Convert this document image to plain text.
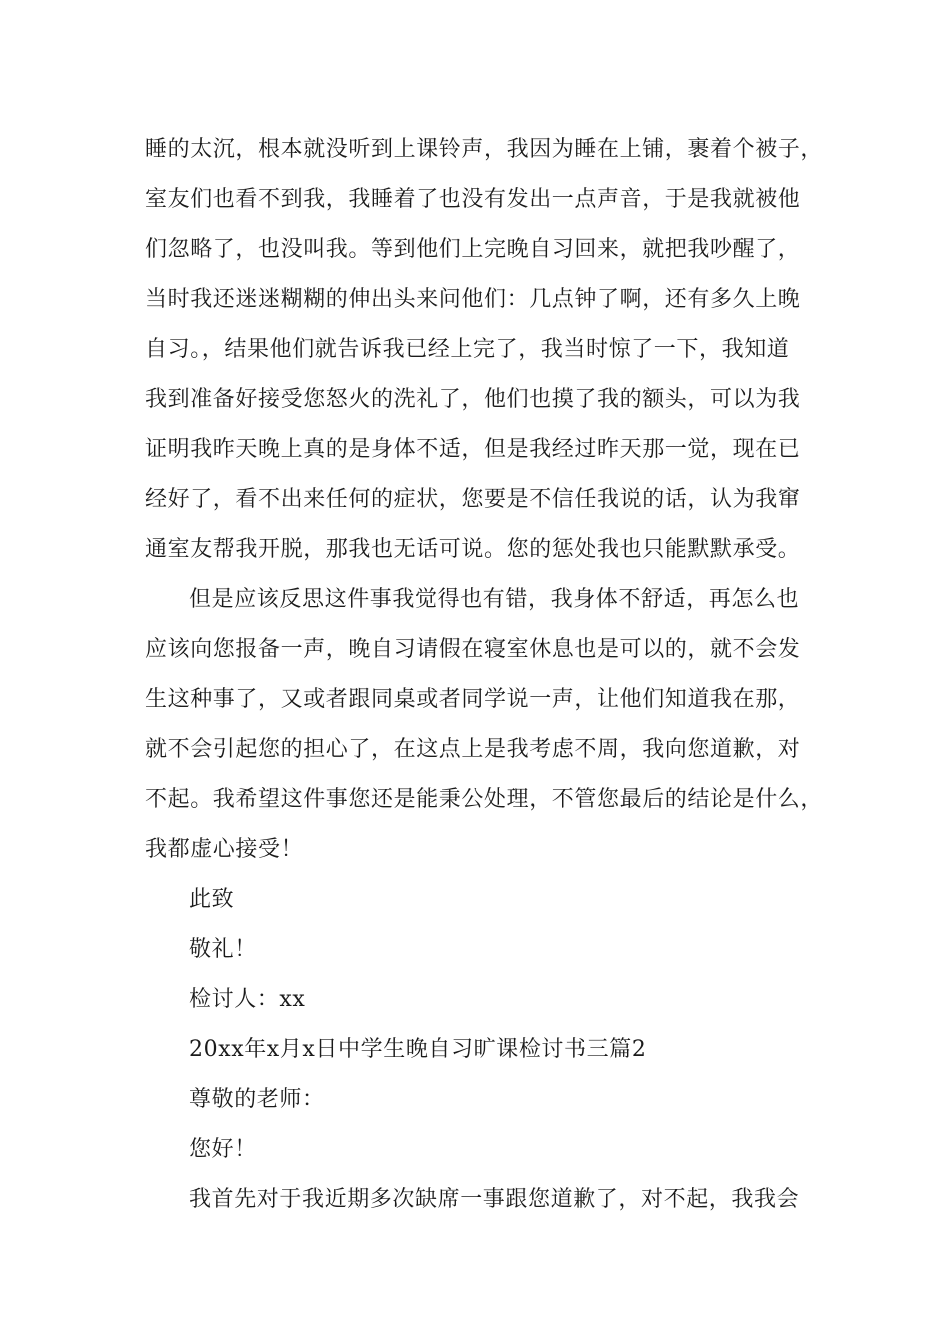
睡的太沉，根本就没听到上课铃声，我因为睡在上铺，裹着个被子，
室友们也看不到我，我睡着了也没有发出一点声音，于是我就被他
们忽略了，也没叫我。等到他们上完晚自习回来，就把我吵醒了，
当时我还迷迷糊糊的伸出头来问他们：几点钟了啊，还有多久上晚
自习。，结果他们就告诉我已经上完了，我当时惊了一下，我知道
我到准备好接受您怒火的洗礼了，他们也摸了我的额头，可以为我
证明我昨天晚上真的是身体不适，但是我经过昨天那一觉，现在已
经好了，看不出来任何的症状，您要是不信任我说的话，认为我窜
通室友帮我开脱，那我也无话可说。您的惩处我也只能默默承受。
但是应该反思这件事我觉得也有错，我身体不舒适，再怎么也
应该向您报备一声，晚自习请假在寝室休息也是可以的，就不会发
生这种事了，又或者跟同桌或者同学说一声，让他们知道我在那，
就不会引起您的担心了，在这点上是我考虑不周，我向您道歉，对
不起。我希望这件事您还是能秉公处理，不管您最后的结论是什么，
我都虚心接受！
此致
敬礼！
检讨人：xx
20xx年x月x日中学生晚自习旷课检讨书三篇2
尊敬的老师：
您好！
我首先对于我近期多次缺席一事跟您道歉了，对不起，我我会
